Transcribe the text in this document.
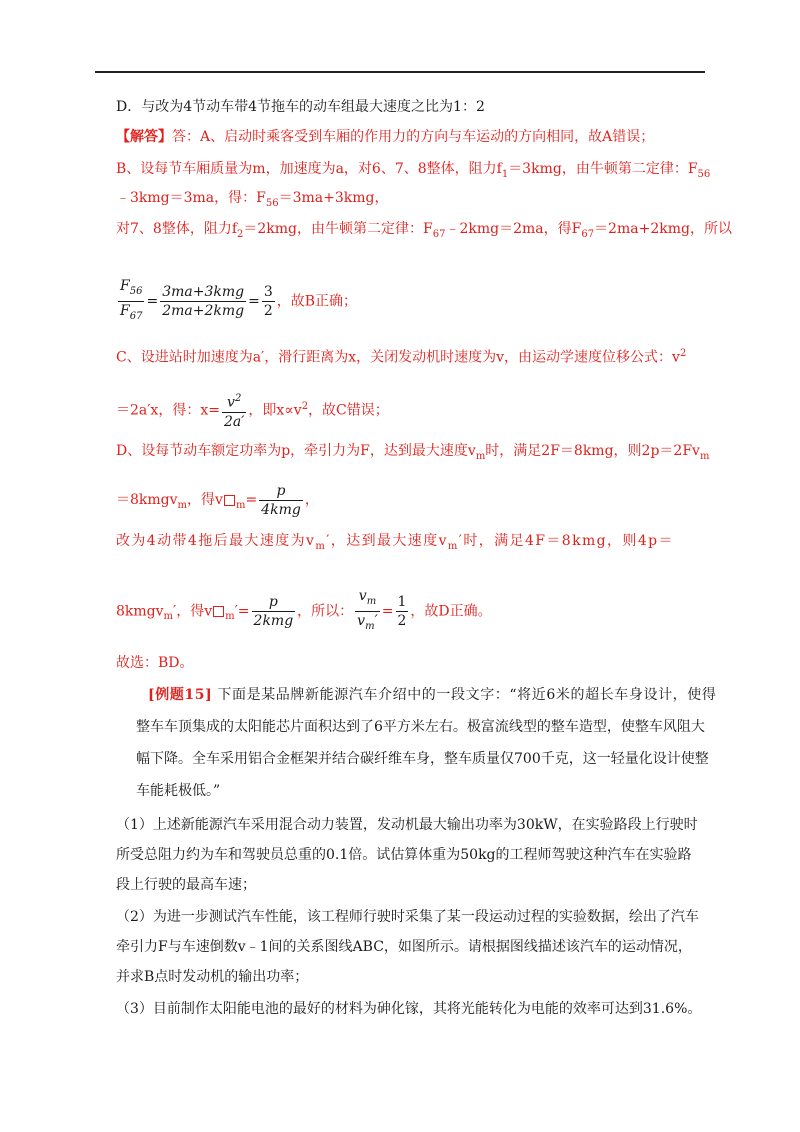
D．与改为4节动车带4节拖车的动车组最大速度之比为1：2
【解答】答：A、启动时乘客受到车厢的作用力的方向与车运动的方向相同，故A错误；
B、设每节车厢质量为m，加速度为a，对6、7、8整体，阻力$f_1=3kmg$，由牛顿第二定律：$F_{56}$
﹣3kmg＝3ma，得：$F_{56}=3ma+3kmg$，
对7、8整体，阻力$f_2=2kmg$，由牛顿第二定律：$F_{67}﹣2kmg=2ma$，得$F_{67}=2ma+2kmg$，所以
$\frac{F_{56}}{F_{67}} = \frac{\text{3ma+3kmg}}{\text{2ma+2kmg}} = \frac{3}{2}$ ，故B正确；
C、设进站时加速度为a′，滑行距离为x，关闭发动机时速度为v，由运动学速度位移公式：$v^2$
＝2a′x，得：$x= \frac{v^2}{2a'}$ ，即$x\propto v^2$，故C错误；
D、设每节动车额定功率为p，牵引力为F，达到最大速度$v_m$时，满足2F＝8kmg，则$2p=2Fv_m$
＝8kmgv$_m$，得v $_m= \frac{p}{\text{4kmg}}$ ，
改为4动带4拖后最大速度为$v_m'$，达到最大速度$v_m'$时，满足4F＝8kmg，则4p＝
8kmgv$_m$′，得v $_m'= \frac{p}{\text{2kmg}}$ ，所以： $\frac{v_m}{v_m'} = \frac{1}{2}$ ，故D正确。
故选：BD。
[例题15] 下面是某品牌新能源汽车介绍中的一段文字：“将近6米的超长车身设计，使得
整车车顶集成的太阳能芯片面积达到了6平方米左右。极富流线型的整车造型，使整车风阻大
幅下降。全车采用铝合金框架并结合碳纤维车身，整车质量仅700千克，这一轻量化设计使整
车能耗极低。”
（1）上述新能源汽车采用混合动力装置，发动机最大输出功率为30kW，在实验路段上行驶时
所受总阻力约为车和驾驶员总重的0.1倍。试估算体重为50kg的工程师驾驶这种汽车在实验路
段上行驶的最高车速；
（2）为进一步测试汽车性能，该工程师行驶时采集了某一段运动过程的实验数据，绘出了汽车
牵引力F与车速倒数v﹣1间的关系图线ABC，如图所示。请根据图线描述该汽车的运动情况，
并求B点时发动机的输出功率；
（3）目前制作太阳能电池的最好的材料为砷化镓，其将光能转化为电能的效率可达到31.6%。
